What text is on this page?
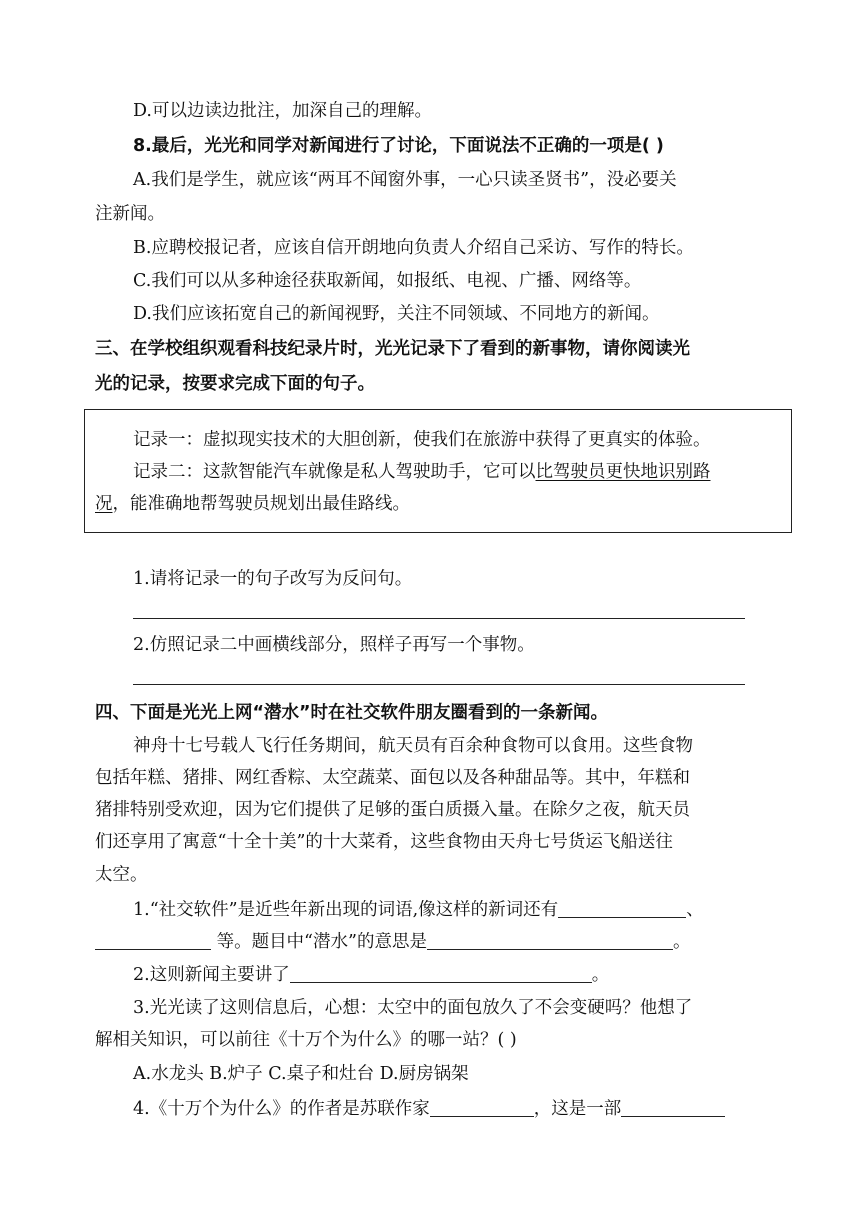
D.可以边读边批注，加深自己的理解。
8.最后，光光和同学对新闻进行了讨论，下面说法不正确的一项是( )
A.我们是学生，就应该“两耳不闻窗外事，一心只读圣贤书”，没必要关
注新闻。
B.应聘校报记者，应该自信开朗地向负责人介绍自己采访、写作的特长。
C.我们可以从多种途径获取新闻，如报纸、电视、广播、网络等。
D.我们应该拓宽自己的新闻视野，关注不同领域、不同地方的新闻。
三、在学校组织观看科技纪录片时，光光记录下了看到的新事物，请你阅读光
光的记录，按要求完成下面的句子。
记录一：虚拟现实技术的大胆创新，使我们在旅游中获得了更真实的体验。
记录二：这款智能汽车就像是私人驾驶助手，它可以比驾驶员更快地识别路
况，能准确地帮驾驶员规划出最佳路线。
1.请将记录一的句子改写为反问句。
2.仿照记录二中画横线部分，照样子再写一个事物。
四、下面是光光上网“潜水”时在社交软件朋友圈看到的一条新闻。
神舟十七号载人飞行任务期间，航天员有百余种食物可以食用。这些食物
包括年糕、猪排、网红香粽、太空蔬菜、面包以及各种甜品等。其中，年糕和
猪排特别受欢迎，因为它们提供了足够的蛋白质摄入量。在除夕之夜，航天员
们还享用了寓意“十全十美”的十大菜肴，这些食物由天舟七号货运飞船送往
太空。
1.“社交软件”是近些年新出现的词语,像这样的新词还有	、
等。题目中“潜水”的意思是	。
2.这则新闻主要讲了	。
3.光光读了这则信息后，心想：太空中的面包放久了不会变硬吗？他想了
解相关知识，可以前往《十万个为什么》的哪一站？( )
A.水龙头 B.炉子 C.桌子和灶台 D.厨房锅架
4.《十万个为什么》的作者是苏联作家	，这是一部
